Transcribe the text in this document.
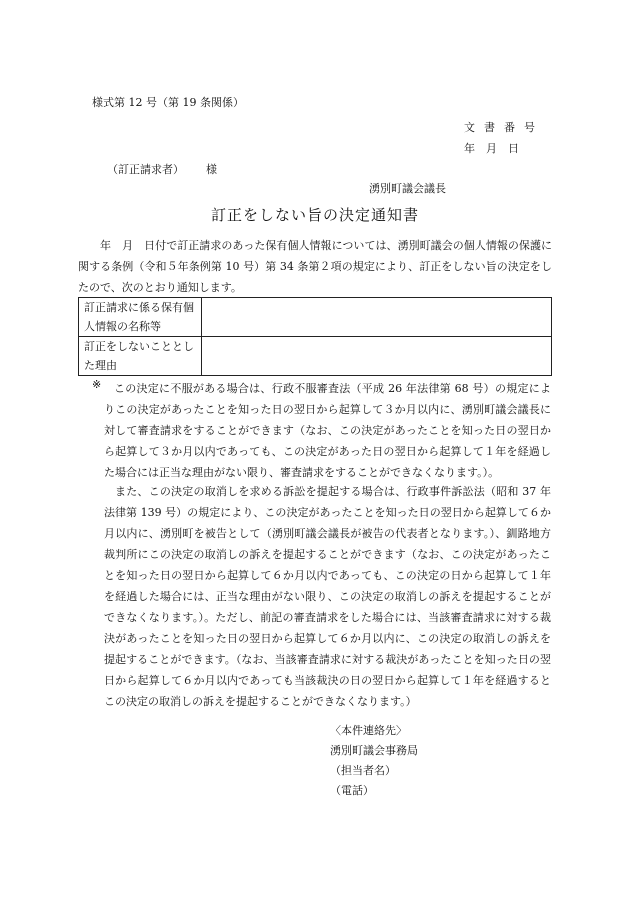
様式第 12 号（第 19 条関係）
文書番号
年　月　日
（訂正請求者） 様
湧別町議会議長
訂正をしない旨の決定通知書
年　月　日付で訂正請求のあった保有個人情報については、湧別町議会の個人情報の保護に関する条例（令和５年条例第 10 号）第 34 条第２項の規定により、訂正をしない旨の決定をしたので、次のとおり通知します。
訂正請求に係る保有個人情報の名称等	
訂正をしないこととした理由	
※	この決定に不服がある場合は、行政不服審査法（平成 26 年法律第 68 号）の規定によりこの決定があったことを知った日の翌日から起算して３か月以内に、湧別町議会議長に対して審査請求をすることができます（なお、この決定があったことを知った日の翌日から起算して３か月以内であっても、この決定があった日の翌日から起算して１年を経過した場合には正当な理由がない限り、審査請求をすることができなくなります。）。
また、この決定の取消しを求める訴訟を提起する場合は、行政事件訴訟法（昭和 37 年法律第 139 号）の規定により、この決定があったことを知った日の翌日から起算して６か月以内に、湧別町を被告として（湧別町議会議長が被告の代表者となります。）、釧路地方裁判所にこの決定の取消しの訴えを提起することができます（なお、この決定があったことを知った日の翌日から起算して６か月以内であっても、この決定の日から起算して１年を経過した場合には、正当な理由がない限り、この決定の取消しの訴えを提起することができなくなります。）。ただし、前記の審査請求をした場合には、当該審査請求に対する裁決があったことを知った日の翌日から起算して６か月以内に、この決定の取消しの訴えを提起することができます。（なお、当該審査請求に対する裁決があったことを知った日の翌日から起算して６か月以内であっても当該裁決の日の翌日から起算して１年を経過するとこの決定の取消しの訴えを提起することができなくなります。）
〈本件連絡先〉
湧別町議会事務局
（担当者名）
（電話）
